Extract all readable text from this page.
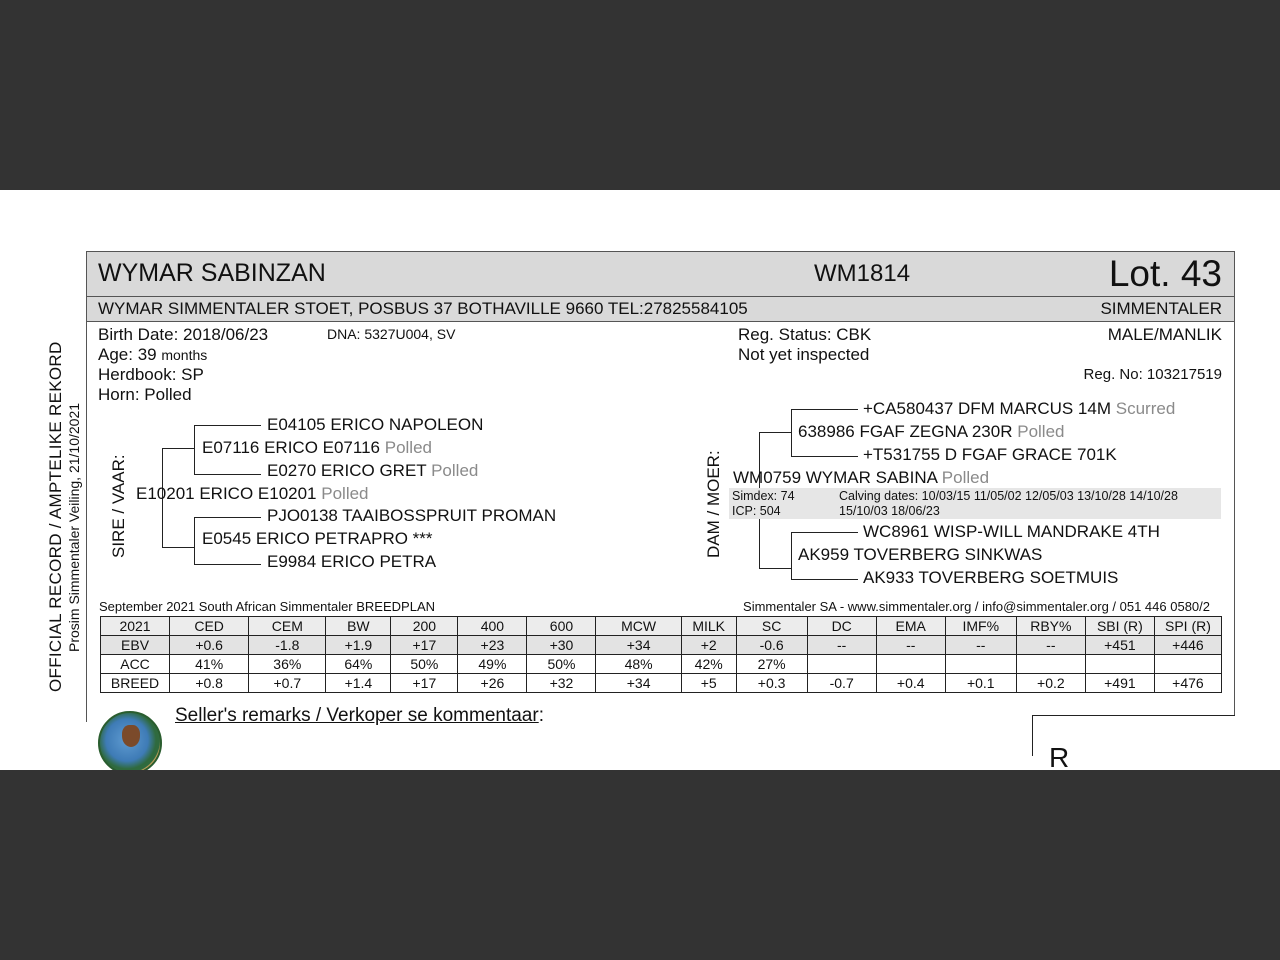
OFFICIAL RECORD / AMPTELIKE REKORD Prosim Simmentaler Veiling, 21/10/2021
WYMAR SABINZAN	WM1814	Lot. 43
WYMAR SIMMENTALER STOET, POSBUS 37 BOTHAVILLE 9660 TEL:27825584105	SIMMENTALER
Birth Date: 2018/06/23	DNA: 5327U004, SV
Age: 39 months
Herdbook: SP
Horn: Polled
Reg. Status: CBK
Not yet inspected
MALE/MANLIK
Reg. No: 103217519
SIRE / VAAR:
E04105 ERICO NAPOLEON
E07116 ERICO E07116 Polled
E0270 ERICO GRET Polled
E10201 ERICO E10201 Polled
PJO0138 TAAIBOSSPRUIT PROMAN
E0545 ERICO PETRAPRO ***
E9984 ERICO PETRA
DAM / MOER:
+CA580437 DFM MARCUS 14M Scurred
638986 FGAF ZEGNA 230R Polled
+T531755 D FGAF GRACE 701K
WM0759 WYMAR SABINA Polled
Simdex: 74
ICP: 504
Calving dates: 10/03/15 11/05/02 12/05/03 13/10/28 14/10/28
15/10/03 18/06/23
WC8961 WISP-WILL MANDRAKE 4TH
AK959 TOVERBERG SINKWAS
AK933 TOVERBERG SOETMUIS
September 2021 South African Simmentaler BREEDPLAN	Simmentaler SA - www.simmentaler.org / info@simmentaler.org / 051 446 0580/2
2021	CED	CEM	BW	200	400	600	MCW	MILK	SC	DC	EMA	IMF%	RBY%	SBI (R)	SPI (R)
EBV	+0.6	-1.8	+1.9	+17	+23	+30	+34	+2	-0.6	--	--	--	--	+451	+446
ACC	41%	36%	64%	50%	49%	50%	48%	42%	27%						
BREED	+0.8	+0.7	+1.4	+17	+26	+32	+34	+5	+0.3	-0.7	+0.4	+0.1	+0.2	+491	+476
Seller's remarks / Verkoper se kommentaar:
R
